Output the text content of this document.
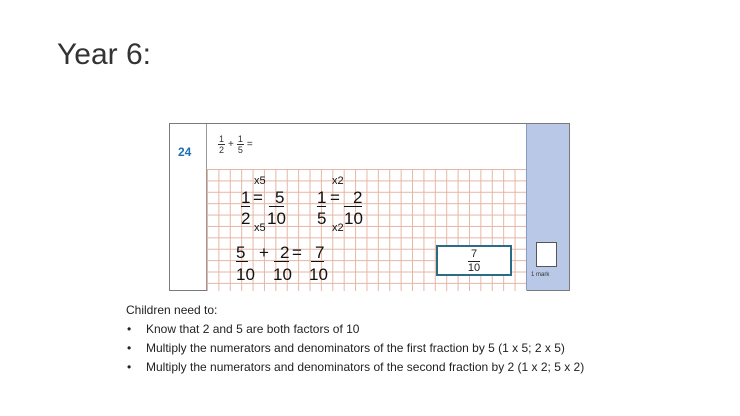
Year 6:
24	$\frac{1}{2} + \frac{1}{5}$ =
x5
1 = 5
2 10
x5
x2
1 = 2
5 10
x2
5 + 2 = 7
10 10 10	$\frac{7}{10}$	1 mark
Children need to:
• Know that 2 and 5 are both factors of 10
• Multiply the numerators and denominators of the first fraction by 5 (1 x 5; 2 x 5)
• Multiply the numerators and denominators of the second fraction by 2 (1 x 2; 5 x 2)
